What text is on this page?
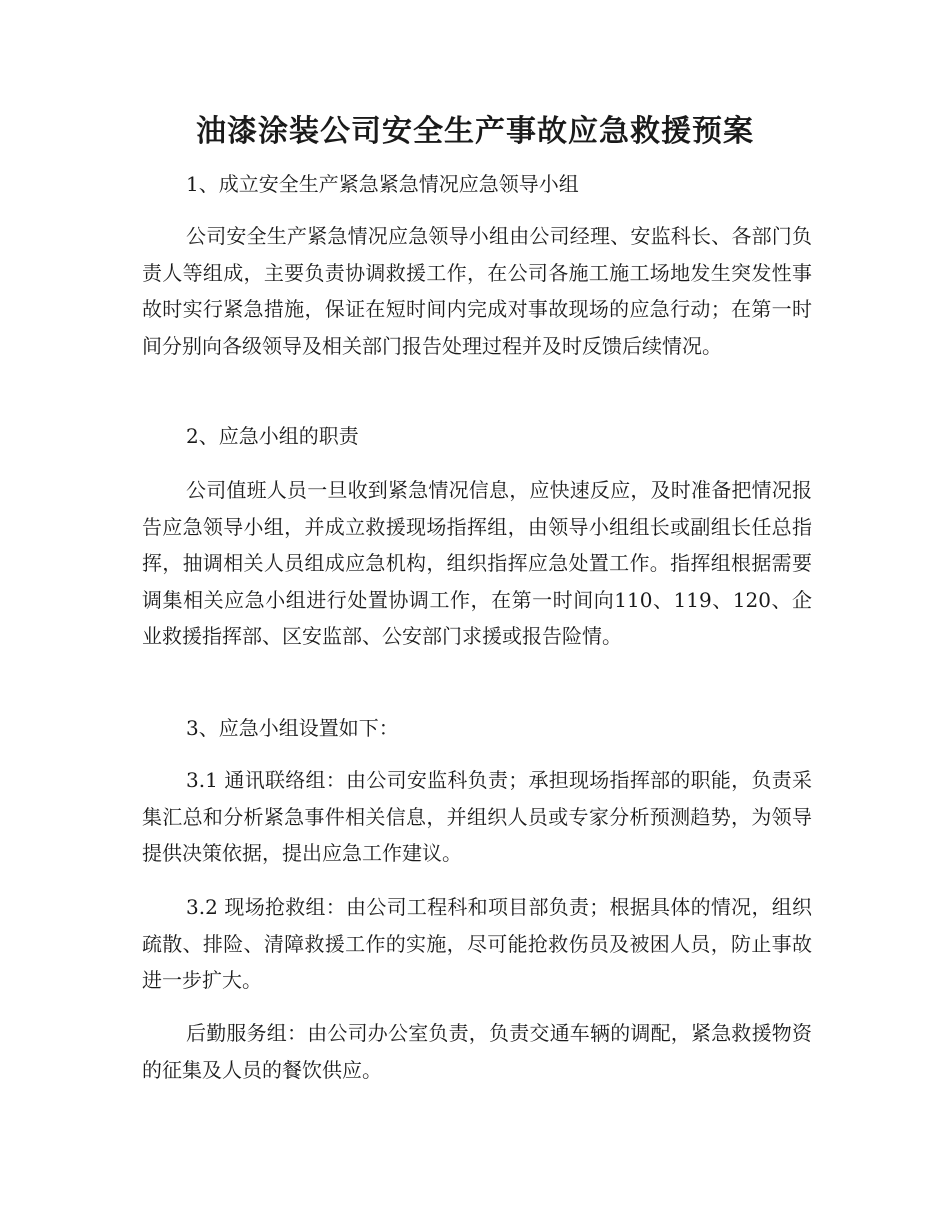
油漆涂装公司安全生产事故应急救援预案

1、成立安全生产紧急紧急情况应急领导小组

公司安全生产紧急情况应急领导小组由公司经理、安监科长、各部门负责人等组成，主要负责协调救援工作，在公司各施工施工场地发生突发性事故时实行紧急措施，保证在短时间内完成对事故现场的应急行动；在第一时间分别向各级领导及相关部门报告处理过程并及时反馈后续情况。

2、应急小组的职责

公司值班人员一旦收到紧急情况信息，应快速反应，及时准备把情况报告应急领导小组，并成立救援现场指挥组，由领导小组组长或副组长任总指挥，抽调相关人员组成应急机构，组织指挥应急处置工作。指挥组根据需要调集相关应急小组进行处置协调工作，在第一时间向110、119、120、企业救援指挥部、区安监部、公安部门求援或报告险情。

3、应急小组设置如下：

3.1 通讯联络组：由公司安监科负责；承担现场指挥部的职能，负责采集汇总和分析紧急事件相关信息，并组织人员或专家分析预测趋势，为领导提供决策依据，提出应急工作建议。

3.2 现场抢救组：由公司工程科和项目部负责；根据具体的情况，组织疏散、排险、清障救援工作的实施，尽可能抢救伤员及被困人员，防止事故进一步扩大。

后勤服务组：由公司办公室负责，负责交通车辆的调配，紧急救援物资的征集及人员的餐饮供应。
